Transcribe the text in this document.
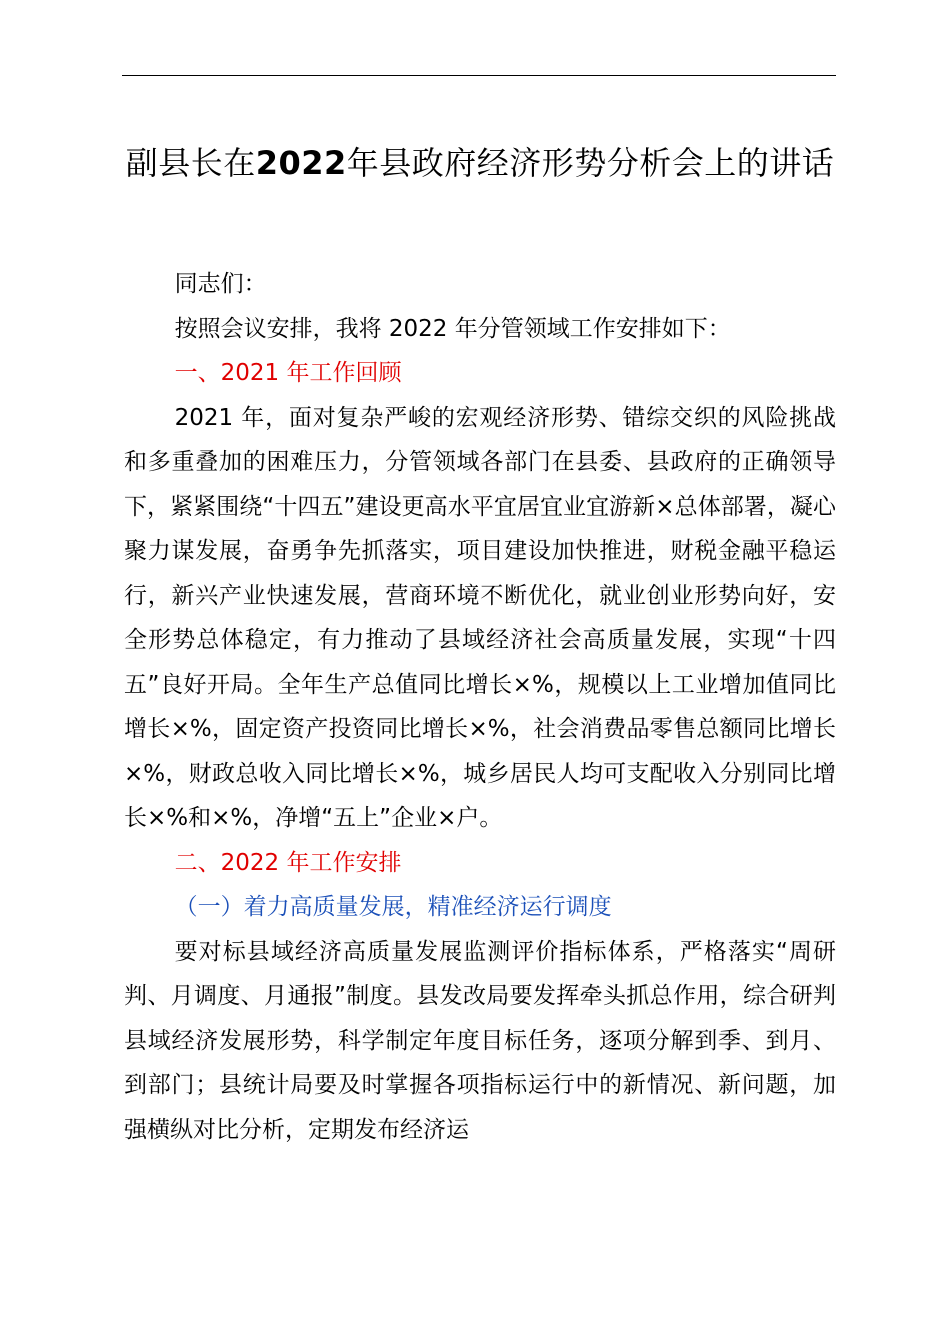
副县长在2022年县政府经济形势分析会上的讲话

同志们：

按照会议安排，我将 2022 年分管领域工作安排如下：

一、2021 年工作回顾

2021 年，面对复杂严峻的宏观经济形势、错综交织的风险挑战和多重叠加的困难压力，分管领域各部门在县委、县政府的正确领导下，紧紧围绕“十四五”建设更高水平宜居宜业宜游新×总体部署，凝心聚力谋发展，奋勇争先抓落实，项目建设加快推进，财税金融平稳运行，新兴产业快速发展，营商环境不断优化，就业创业形势向好，安全形势总体稳定，有力推动了县域经济社会高质量发展，实现“十四五”良好开局。全年生产总值同比增长×%，规模以上工业增加值同比增长×%，固定资产投资同比增长×%，社会消费品零售总额同比增长×%，财政总收入同比增长×%，城乡居民人均可支配收入分别同比增长×%和×%，净增“五上”企业×户。

二、2022 年工作安排

（一）着力高质量发展，精准经济运行调度

要对标县域经济高质量发展监测评价指标体系，严格落实“周研判、月调度、月通报”制度。县发改局要发挥牵头抓总作用，综合研判县域经济发展形势，科学制定年度目标任务，逐项分解到季、到月、到部门；县统计局要及时掌握各项指标运行中的新情况、新问题，加强横纵对比分析，定期发布经济运
